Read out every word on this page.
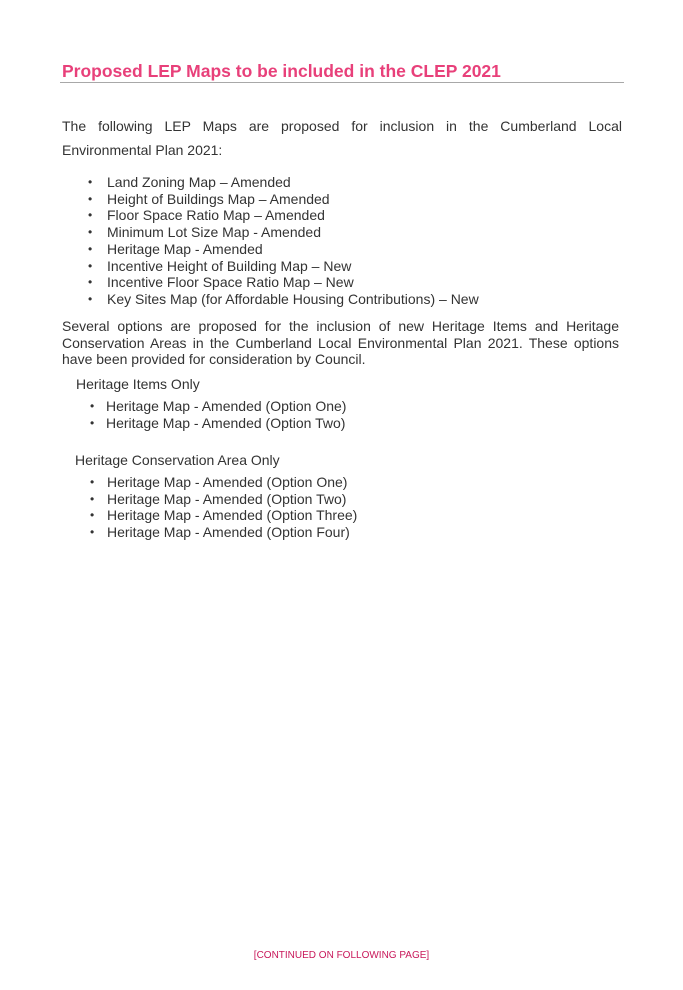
Proposed LEP Maps to be included in the CLEP 2021

The following LEP Maps are proposed for inclusion in the Cumberland Local Environmental Plan 2021:

• Land Zoning Map – Amended
• Height of Buildings Map – Amended
• Floor Space Ratio Map – Amended
• Minimum Lot Size Map - Amended
• Heritage Map - Amended
• Incentive Height of Building Map – New
• Incentive Floor Space Ratio Map – New
• Key Sites Map (for Affordable Housing Contributions) – New

Several options are proposed for the inclusion of new Heritage Items and Heritage Conservation Areas in the Cumberland Local Environmental Plan 2021. These options have been provided for consideration by Council.

Heritage Items Only

• Heritage Map - Amended (Option One)
• Heritage Map - Amended (Option Two)

Heritage Conservation Area Only

• Heritage Map - Amended (Option One)
• Heritage Map - Amended (Option Two)
• Heritage Map - Amended (Option Three)
• Heritage Map - Amended (Option Four)

[CONTINUED ON FOLLOWING PAGE]
